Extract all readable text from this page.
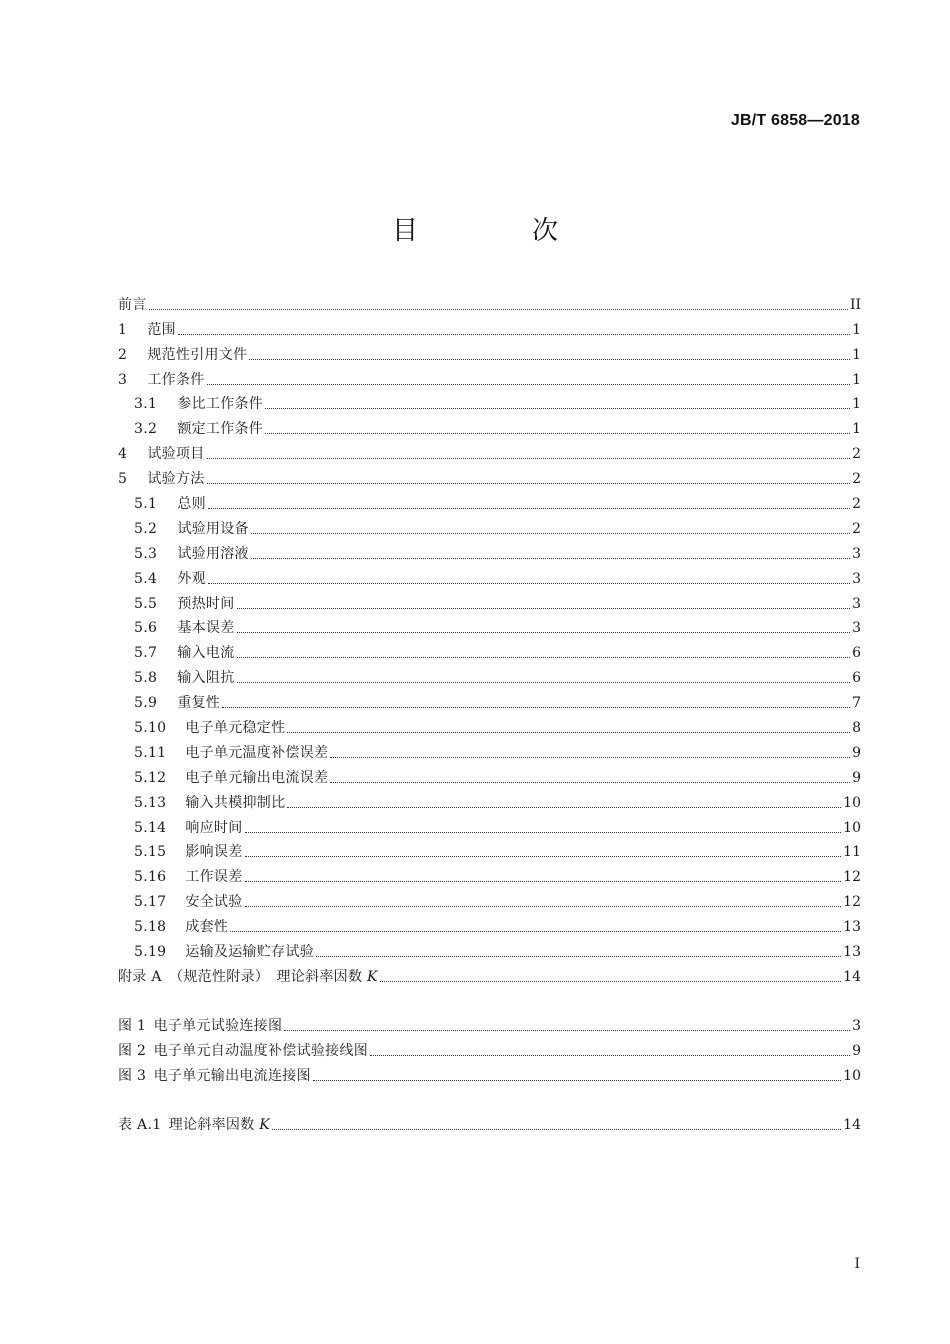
JB/T 6858—2018
目　次
前言	II
1  范围	1
2  规范性引用文件	1
3  工作条件	1
3.1  参比工作条件	1
3.2  额定工作条件	1
4  试验项目	2
5  试验方法	2
5.1  总则	2
5.2  试验用设备	2
5.3  试验用溶液	3
5.4  外观	3
5.5  预热时间	3
5.6  基本误差	3
5.7  输入电流	6
5.8  输入阻抗	6
5.9  重复性	7
5.10  电子单元稳定性	8
5.11  电子单元温度补偿误差	9
5.12  电子单元输出电流误差	9
5.13  输入共模抑制比	10
5.14  响应时间	10
5.15  影响误差	11
5.16  工作误差	12
5.17  安全试验	12
5.18  成套性	13
5.19  运输及运输贮存试验	13
附录 A  （规范性附录）　理论斜率因数 K	14
图 1  电子单元试验连接图	3
图 2  电子单元自动温度补偿试验接线图	9
图 3  电子单元输出电流连接图	10
表 A.1  理论斜率因数 K	14
I
